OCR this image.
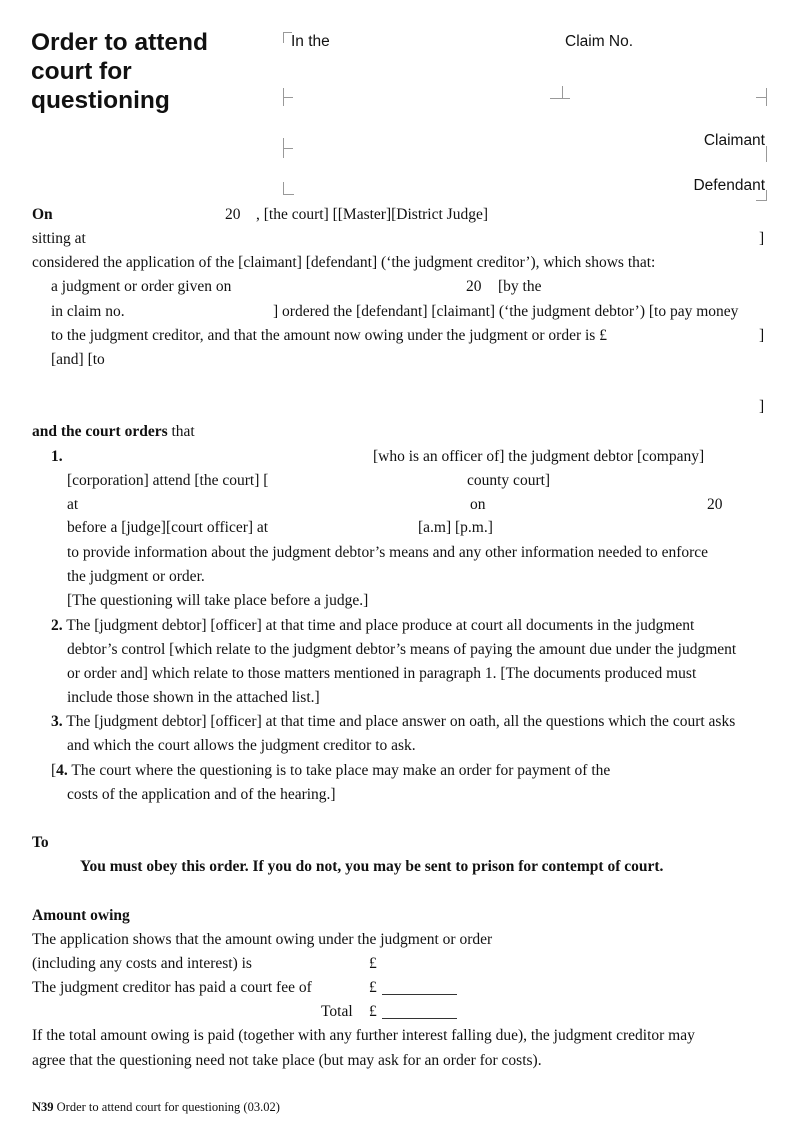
Order to attend
court for
questioning
In the	Claim No.
Claimant
Defendant
On	20 , [the court] [[Master][District Judge]
sitting at	]
considered the application of the [claimant] [defendant] (‘the judgment creditor’), which shows that:
a judgment or order given on	20 [by the
in claim no.	] ordered the [defendant] [claimant] (‘the judgment debtor’) [to pay money
to the judgment creditor, and that the amount now owing under the judgment or order is £	]
[and] [to
]
and the court orders that
1.	[who is an officer of] the judgment debtor [company]
[corporation] attend [the court] [	county court]
at	on	20
before a [judge][court officer] at	[a.m] [p.m.]
to provide information about the judgment debtor’s means and any other information needed to enforce
the judgment or order.
[The questioning will take place before a judge.]
2. The [judgment debtor] [officer] at that time and place produce at court all documents in the judgment
debtor’s control [which relate to the judgment debtor’s means of paying the amount due under the judgment
or order and] which relate to those matters mentioned in paragraph 1. [The documents produced must
include those shown in the attached list.]
3. The [judgment debtor] [officer] at that time and place answer on oath, all the questions which the court asks
and which the court allows the judgment creditor to ask.
[4. The court where the questioning is to take place may make an order for payment of the
costs of the application and of the hearing.]
To
You must obey this order. If you do not, you may be sent to prison for contempt of court.
Amount owing
The application shows that the amount owing under the judgment or order
(including any costs and interest) is	£
The judgment creditor has paid a court fee of	£
Total £
If the total amount owing is paid (together with any further interest falling due), the judgment creditor may
agree that the questioning need not take place (but may ask for an order for costs).
N39 Order to attend court for questioning (03.02)
